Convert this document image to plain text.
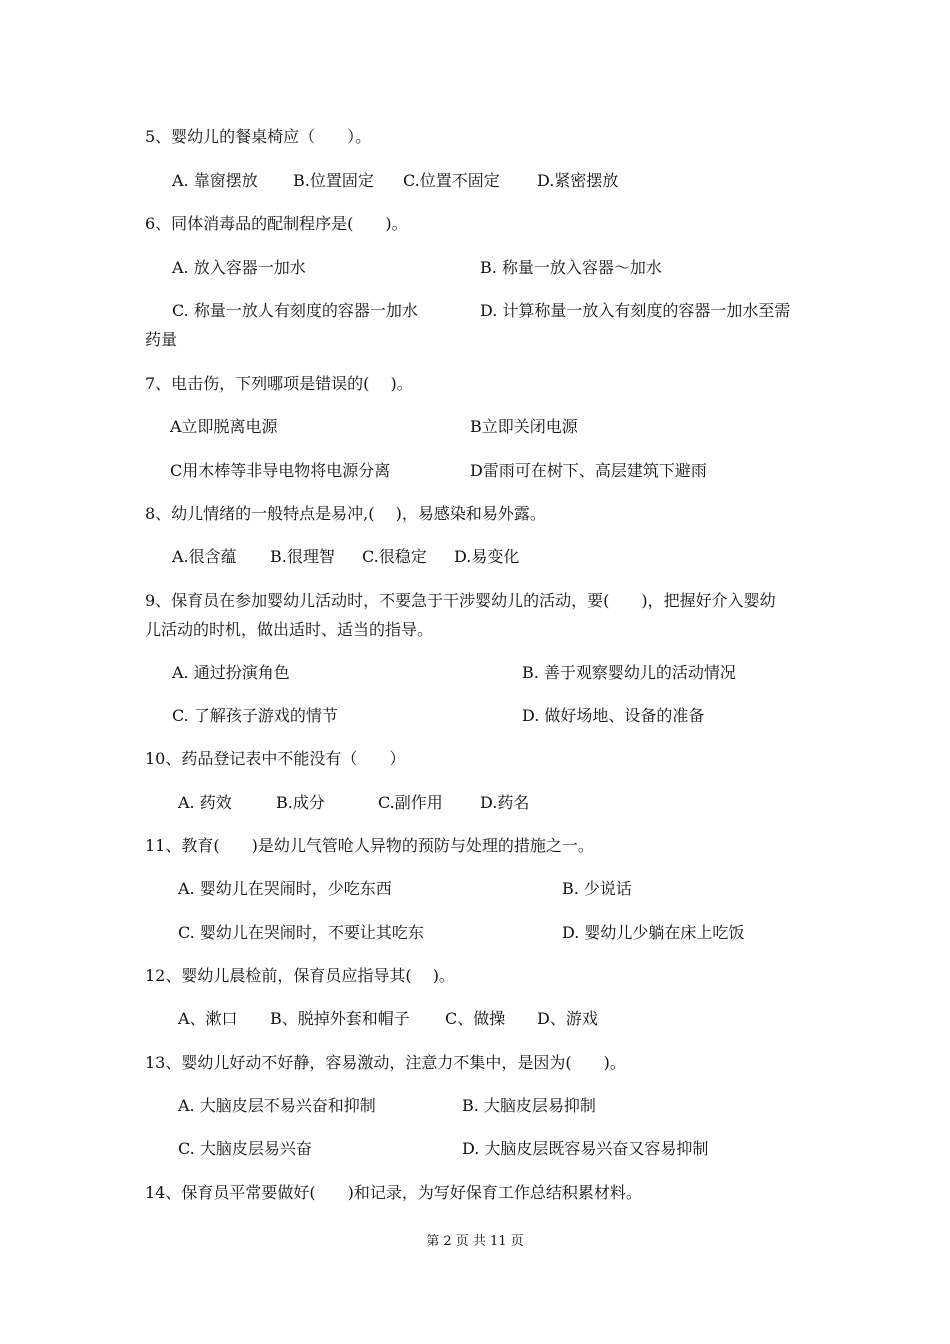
5、婴幼儿的餐桌椅应（　　）。
A. 靠窗摆放 B.位置固定 C.位置不固定 D.紧密摆放
6、同体消毒品的配制程序是(　　)。
A. 放入容器一加水	B. 称量一放入容器～加水
C. 称量一放人有刻度的容器一加水	D. 计算称量一放入有刻度的容器一加水至需
药量
7、电击伤，下列哪项是错误的(　 )。
A立即脱离电源	B立即关闭电源
C用木棒等非导电物将电源分离	D雷雨可在树下、高层建筑下避雨
8、幼儿情绪的一般特点是易冲,(　 )，易感染和易外露。
A.很含蕴 B.很理智 C.很稳定 D.易变化
9、保育员在参加婴幼儿活动时，不要急于干涉婴幼儿的活动，要(　　)，把握好介入婴幼
儿活动的时机，做出适时、适当的指导。
A. 通过扮演角色	B. 善于观察婴幼儿的活动情况
C. 了解孩子游戏的情节	D. 做好场地、设备的准备
10、药品登记表中不能没有（　　）
A. 药效	B.成分	C.副作用 D.药名
11、教育(　　)是幼儿气管呛人异物的预防与处理的措施之一。
A. 婴幼儿在哭闹时，少吃东西	B. 少说话
C. 婴幼儿在哭闹时，不要让其吃东	D. 婴幼儿少躺在床上吃饭
12、婴幼儿晨检前，保育员应指导其(　 )。
A、漱口 B、脱掉外套和帽子 C、做操 D、游戏
13、婴幼儿好动不好静，容易激动，注意力不集中，是因为(　　)。
A. 大脑皮层不易兴奋和抑制	B. 大脑皮层易抑制
C. 大脑皮层易兴奋	D. 大脑皮层既容易兴奋又容易抑制
14、保育员平常要做好(　　)和记录，为写好保育工作总结积累材料。
第 2 页 共 11 页
